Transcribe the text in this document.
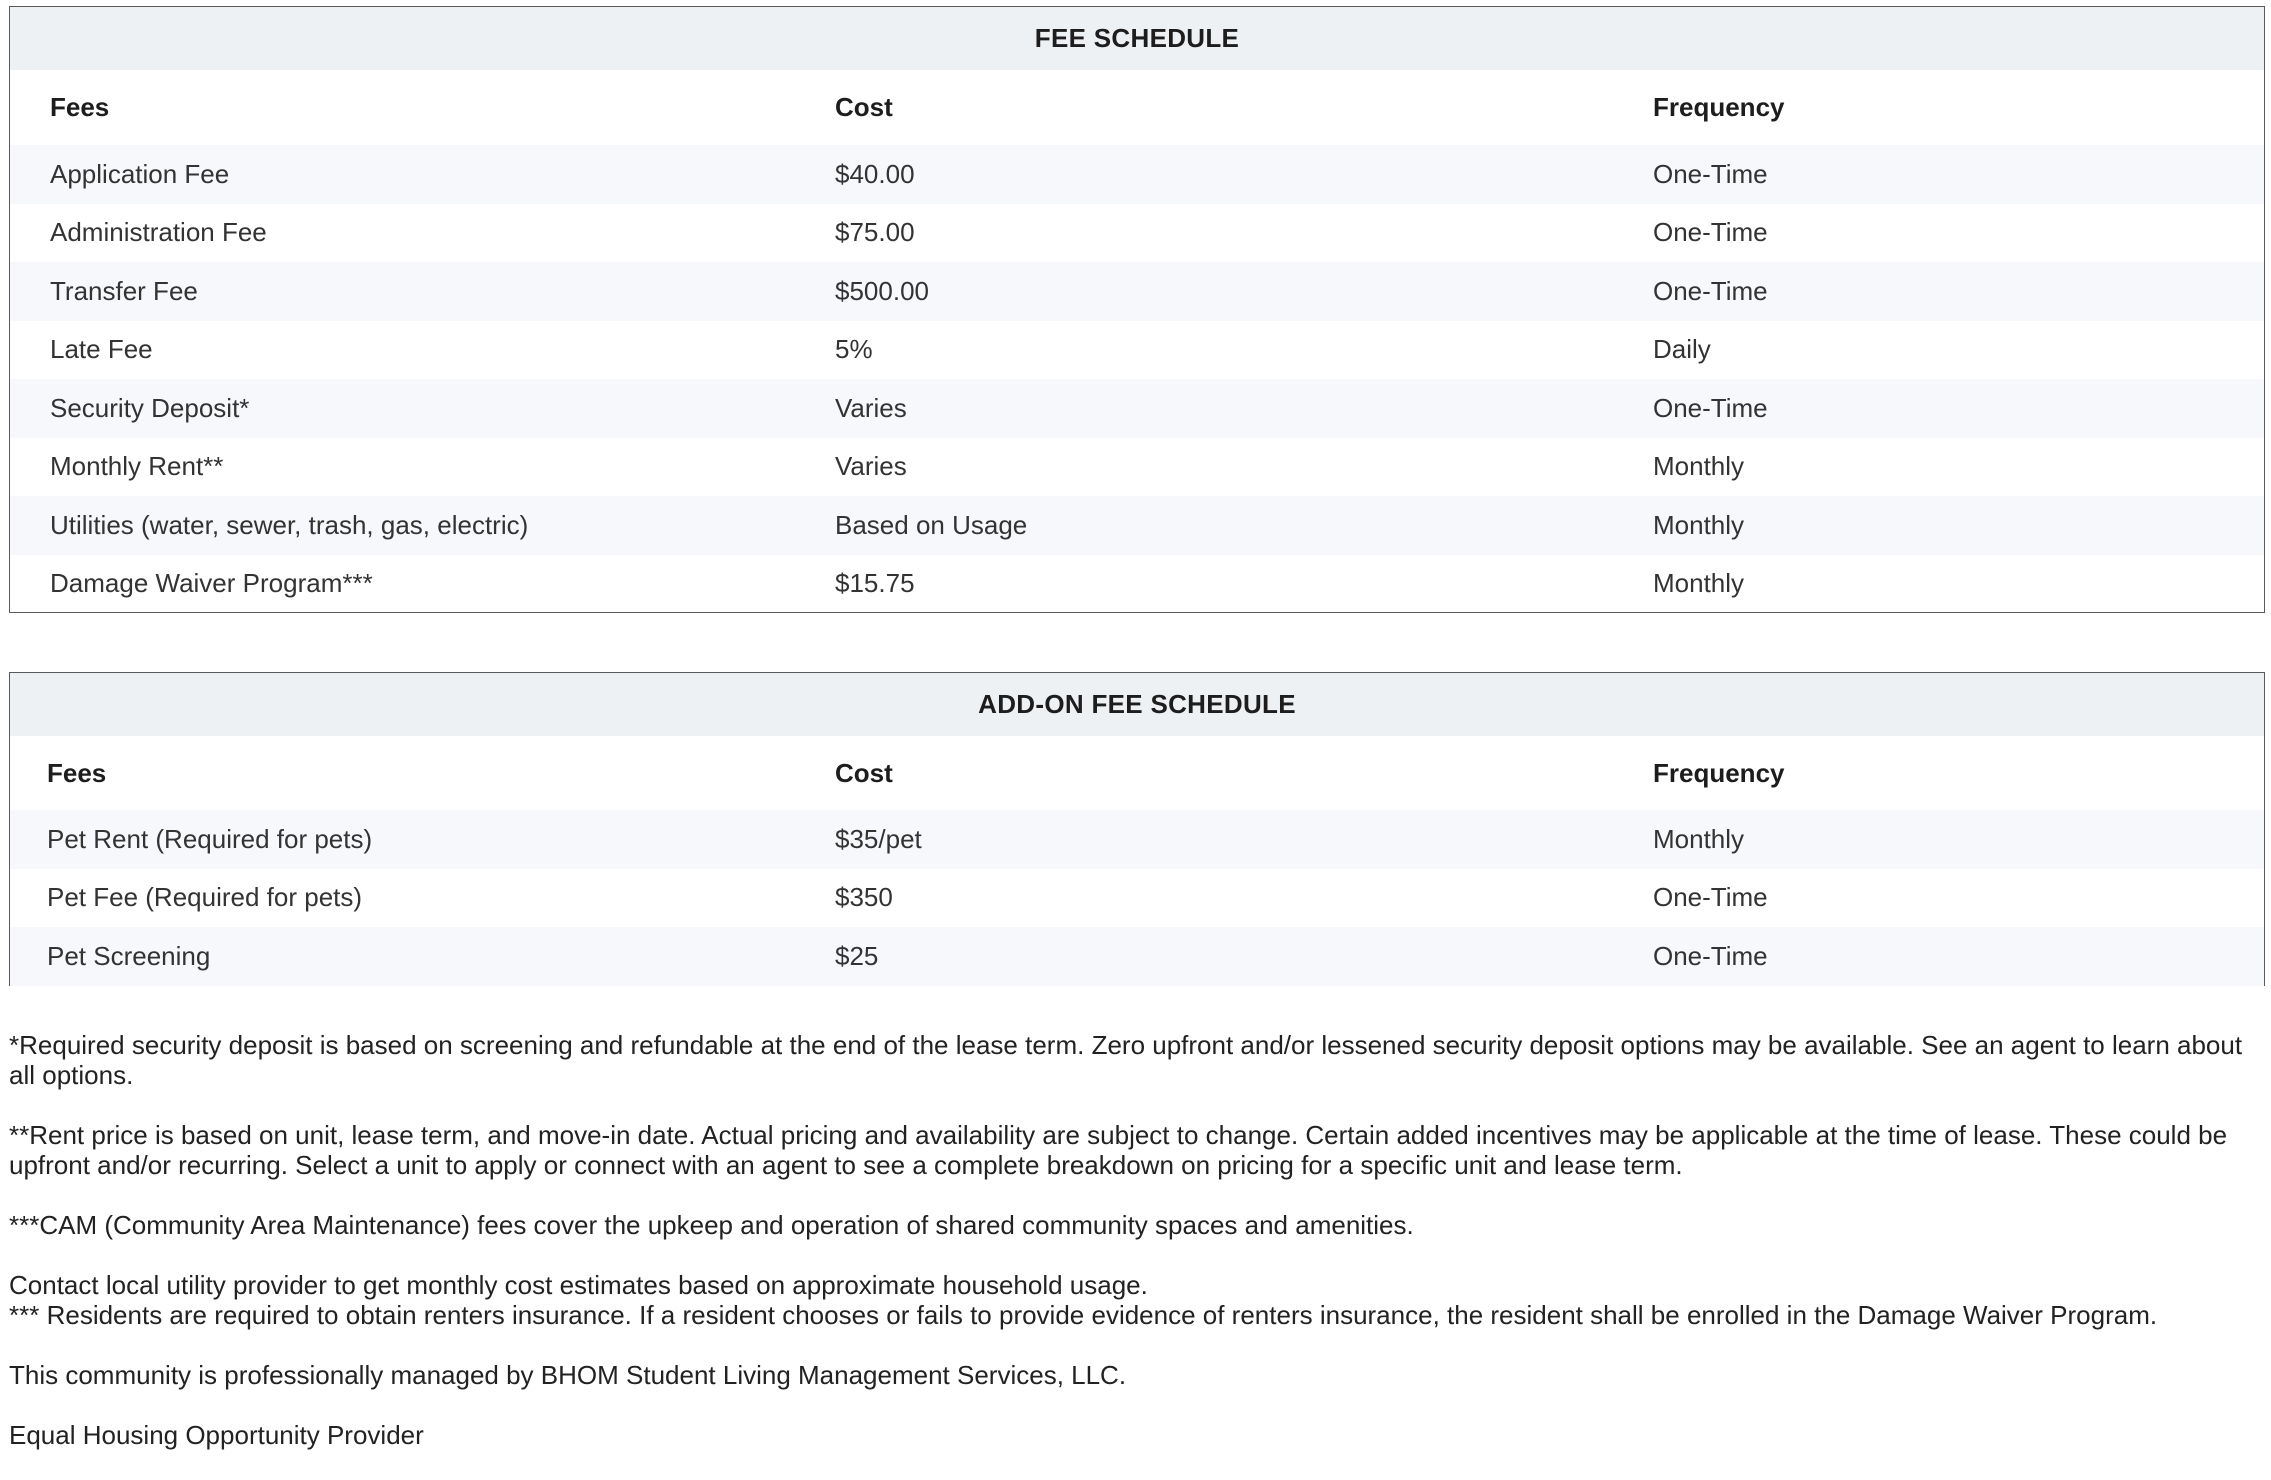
FEE SCHEDULE
Fees	Cost	Frequency
Application Fee	$40.00	One-Time
Administration Fee	$75.00	One-Time
Transfer Fee	$500.00	One-Time
Late Fee	5%	Daily
Security Deposit*	Varies	One-Time
Monthly Rent**	Varies	Monthly
Utilities (water, sewer, trash, gas, electric)	Based on Usage	Monthly
Damage Waiver Program***	$15.75	Monthly
ADD-ON FEE SCHEDULE
Fees	Cost	Frequency
Pet Rent (Required for pets)	$35/pet	Monthly
Pet Fee (Required for pets)	$350	One-Time
Pet Screening	$25	One-Time

*Required security deposit is based on screening and refundable at the end of the lease term. Zero upfront and/or lessened security deposit options may be available. See an agent to learn about all options.

**Rent price is based on unit, lease term, and move-in date. Actual pricing and availability are subject to change. Certain added incentives may be applicable at the time of lease. These could be upfront and/or recurring. Select a unit to apply or connect with an agent to see a complete breakdown on pricing for a specific unit and lease term.

***CAM (Community Area Maintenance) fees cover the upkeep and operation of shared community spaces and amenities.

Contact local utility provider to get monthly cost estimates based on approximate household usage.

*** Residents are required to obtain renters insurance. If a resident chooses or fails to provide evidence of renters insurance, the resident shall be enrolled in the Damage Waiver Program.

This community is professionally managed by BHOM Student Living Management Services, LLC.

Equal Housing Opportunity Provider
